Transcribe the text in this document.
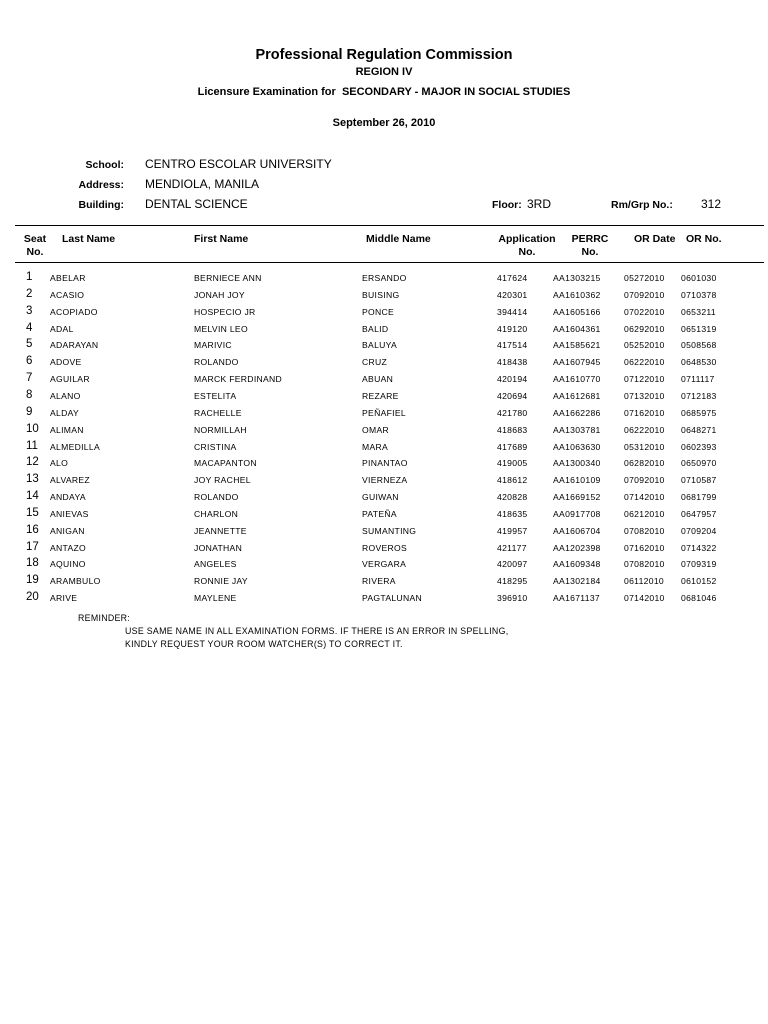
Professional Regulation Commission
REGION IV
Licensure Examination for SECONDARY - MAJOR IN SOCIAL STUDIES
September 26, 2010
School: CENTRO ESCOLAR UNIVERSITY
Address: MENDIOLA, MANILA
Building: DENTAL SCIENCE	Floor: 3RD	Rm/Grp No.: 312
Seat
No.
Last Name	First Name	Middle Name	Application
No.
PERRC
No.
OR Date OR No.
1 ABELAR	BERNIECE ANN	ERSANDO	417624	AA1303215	05272010 0601030
2 ACASIO	JONAH JOY	BUISING	420301	AA1610362	07092010 0710378
3 ACOPIADO	HOSPECIO JR	PONCE	394414	AA1605166	07022010 0653211
4 ADAL	MELVIN LEO	BALID	419120	AA1604361	06292010 0651319
5 ADARAYAN	MARIVIC	BALUYA	417514	AA1585621	05252010 0508568
6 ADOVE	ROLANDO	CRUZ	418438	AA1607945	06222010 0648530
7 AGUILAR	MARCK FERDINAND	ABUAN	420194	AA1610770	07122010 0711117
8 ALANO	ESTELITA	REZARE	420694	AA1612681	07132010 0712183
9 ALDAY	RACHELLE	PEÑAFIEL	421780	AA1662286	07162010 0685975
10 ALIMAN	NORMILLAH	OMAR	418683	AA1303781	06222010 0648271
11 ALMEDILLA	CRISTINA	MARA	417689	AA1063630	05312010 0602393
12 ALO	MACAPANTON	PINANTAO	419005	AA1300340	06282010 0650970
13 ALVAREZ	JOY RACHEL	VIERNEZA	418612	AA1610109	07092010 0710587
14 ANDAYA	ROLANDO	GUIWAN	420828	AA1669152	07142010 0681799
15 ANIEVAS	CHARLON	PATEÑA	418635	AA0917708	06212010 0647957
16 ANIGAN	JEANNETTE	SUMANTING	419957	AA1606704	07082010 0709204
17 ANTAZO	JONATHAN	ROVEROS	421177	AA1202398	07162010 0714322
18 AQUINO	ANGELES	VERGARA	420097	AA1609348	07082010 0709319
19 ARAMBULO	RONNIE JAY	RIVERA	418295	AA1302184	06112010 0610152
20 ARIVE	MAYLENE	PAGTALUNAN	396910	AA1671137	07142010 0681046
REMINDER:
USE SAME NAME IN ALL EXAMINATION FORMS. IF THERE IS AN ERROR IN SPELLING,
KINDLY REQUEST YOUR ROOM WATCHER(S) TO CORRECT IT.
